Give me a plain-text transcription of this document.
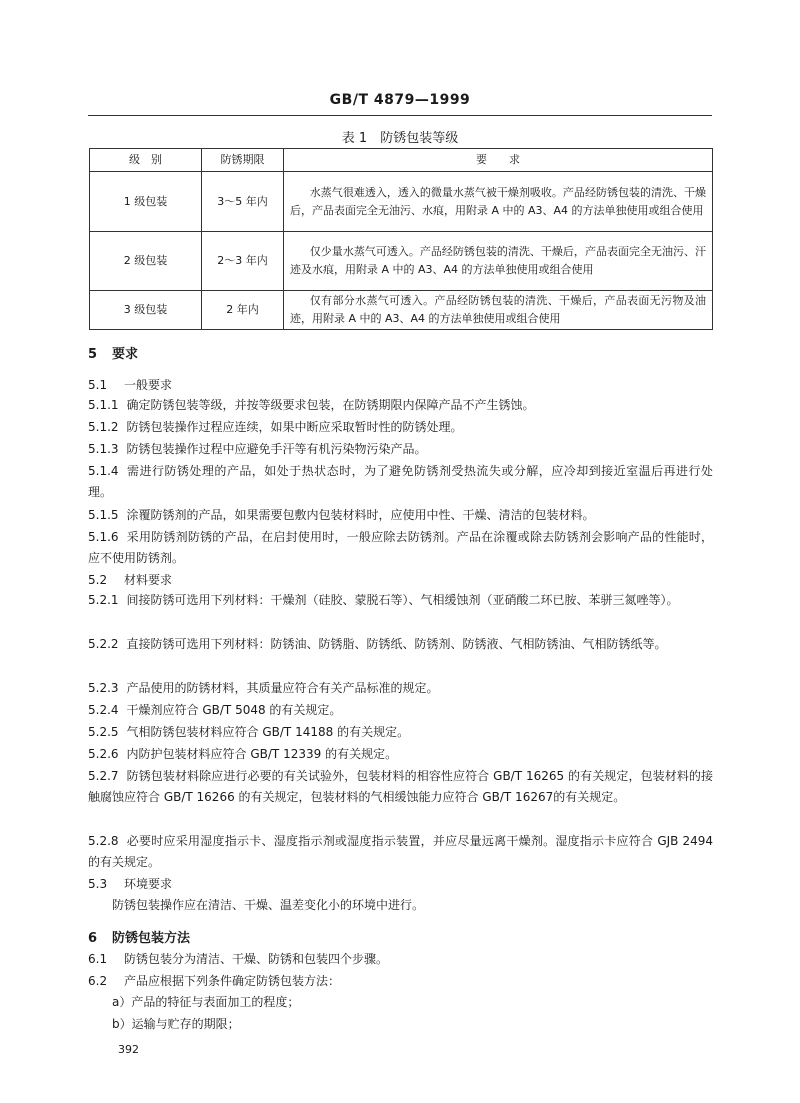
GB/T 4879—1999
表 1　防锈包装等级
级　别	防锈期限	要　　求
1 级包装	3～5 年内	水蒸气很难透入，透入的微量水蒸气被干燥剂吸收。产品经防锈包装的清洗、干燥后，产品表面完全无油污、水痕，用附录 A 中的 A3、A4 的方法单独使用或组合使用
2 级包装	2～3 年内	仅少量水蒸气可透入。产品经防锈包装的清洗、干燥后，产品表面完全无油污、汗迹及水痕，用附录 A 中的 A3、A4 的方法单独使用或组合使用
3 级包装	2 年内	仅有部分水蒸气可透入。产品经防锈包装的清洗、干燥后，产品表面无污物及油迹，用附录 A 中的 A3、A4 的方法单独使用或组合使用
5 要求
5.1 一般要求
5.1.1 确定防锈包装等级，并按等级要求包装，在防锈期限内保障产品不产生锈蚀。
5.1.2 防锈包装操作过程应连续，如果中断应采取暂时性的防锈处理。
5.1.3 防锈包装操作过程中应避免手汗等有机污染物污染产品。
5.1.4 需进行防锈处理的产品，如处于热状态时，为了避免防锈剂受热流失或分解，应冷却到接近室温后再进行处理。
5.1.5 涂覆防锈剂的产品，如果需要包敷内包装材料时，应使用中性、干燥、清洁的包装材料。
5.1.6 采用防锈剂防锈的产品，在启封使用时，一般应除去防锈剂。产品在涂覆或除去防锈剂会影响产品的性能时，应不使用防锈剂。
5.2 材料要求
5.2.1 间接防锈可选用下列材料：干燥剂（硅胶、蒙脱石等）、气相缓蚀剂（亚硝酸二环已胺、苯骈三氮唑等）。
5.2.2 直接防锈可选用下列材料：防锈油、防锈脂、防锈纸、防锈剂、防锈液、气相防锈油、气相防锈纸等。
5.2.3 产品使用的防锈材料，其质量应符合有关产品标准的规定。
5.2.4 干燥剂应符合 GB/T 5048 的有关规定。
5.2.5 气相防锈包装材料应符合 GB/T 14188 的有关规定。
5.2.6 内防护包装材料应符合 GB/T 12339 的有关规定。
5.2.7 防锈包装材料除应进行必要的有关试验外，包装材料的相容性应符合 GB/T 16265 的有关规定，包装材料的接触腐蚀应符合 GB/T 16266 的有关规定，包装材料的气相缓蚀能力应符合 GB/T 16267的有关规定。
5.2.8 必要时应采用湿度指示卡、湿度指示剂或湿度指示装置，并应尽量远离干燥剂。湿度指示卡应符合 GJB 2494 的有关规定。
5.3 环境要求
防锈包装操作应在清洁、干燥、温差变化小的环境中进行。
6 防锈包装方法
6.1 防锈包装分为清洁、干燥、防锈和包装四个步骤。
6.2 产品应根据下列条件确定防锈包装方法：
a）产品的特征与表面加工的程度；
b）运输与贮存的期限；
392
